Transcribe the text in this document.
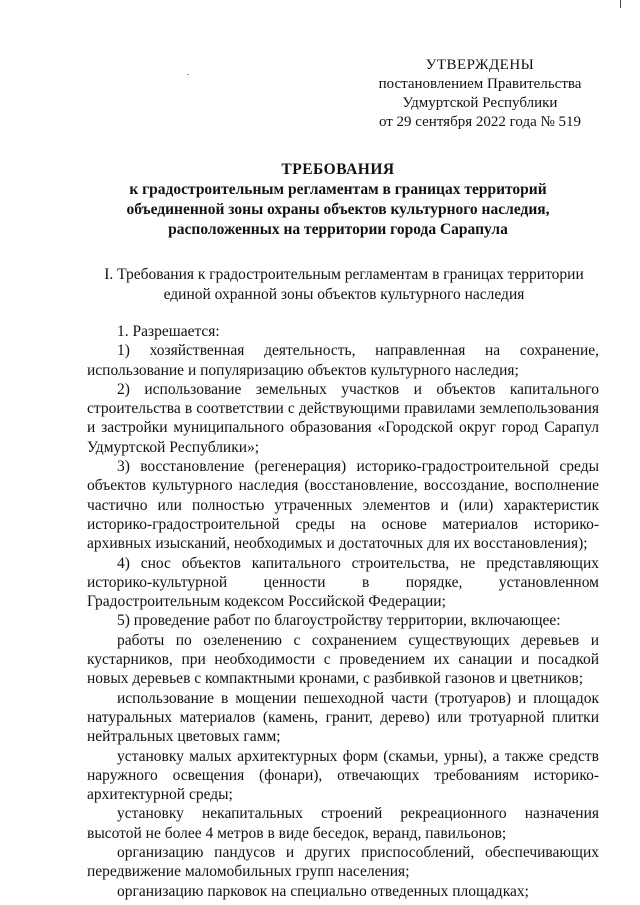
УТВЕРЖДЕНЫ
постановлением Правительства
Удмуртской Республики
от 29 сентября 2022 года № 519
ТРЕБОВАНИЯ
к градостроительным регламентам в границах территорий
объединенной зоны охраны объектов культурного наследия,
расположенных на территории города Сарапула
I. Требования к градостроительным регламентам в границах территории
единой охранной зоны объектов культурного наследия

1. Разрешается:

1) хозяйственная деятельность, направленная на сохранение, использование и популяризацию объектов культурного наследия;

2) использование земельных участков и объектов капитального строительства в соответствии с действующими правилами землепользования и застройки муниципального образования «Городской округ город Сарапул Удмуртской Республики»;

3) восстановление (регенерация) историко-градостроительной среды объектов культурного наследия (восстановление, воссоздание, восполнение частично или полностью утраченных элементов и (или) характеристик историко-градостроительной среды на основе материалов историко-архивных изысканий, необходимых и достаточных для их восстановления);

4) снос объектов капитального строительства, не представляющих историко-культурной ценности в порядке, установленном Градостроительным кодексом Российской Федерации;

5) проведение работ по благоустройству территории, включающее:

работы по озеленению с сохранением существующих деревьев и кустарников, при необходимости с проведением их санации и посадкой новых деревьев с компактными кронами, с разбивкой газонов и цветников;

использование в мощении пешеходной части (тротуаров) и площадок натуральных материалов (камень, гранит, дерево) или тротуарной плитки нейтральных цветовых гамм;

установку малых архитектурных форм (скамьи, урны), а также средств наружного освещения (фонари), отвечающих требованиям историко-архитектурной среды;

установку некапитальных строений рекреационного назначения высотой не более 4 метров в виде беседок, веранд, павильонов;

организацию пандусов и других приспособлений, обеспечивающих передвижение маломобильных групп населения;

организацию парковок на специально отведенных площадках;
